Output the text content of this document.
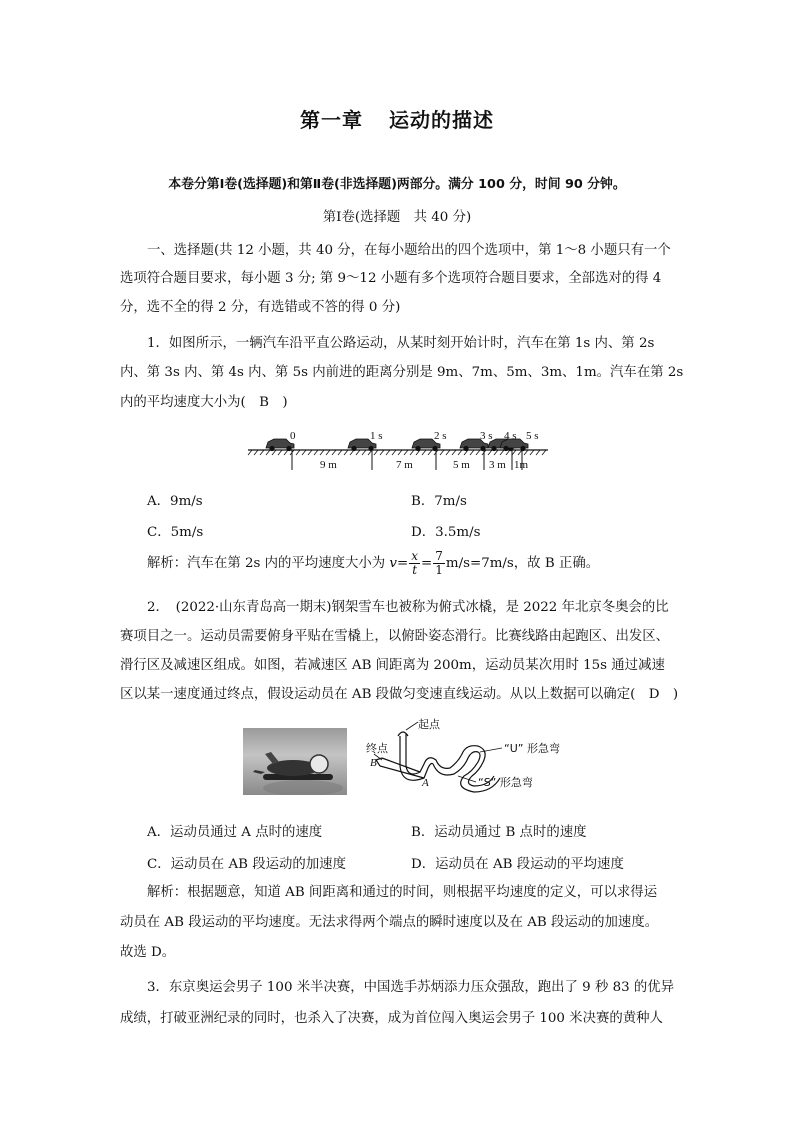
第一章 运动的描述
本卷分第Ⅰ卷(选择题)和第Ⅱ卷(非选择题)两部分。满分 100 分，时间 90 分钟。
第Ⅰ卷(选择题　共 40 分)
一、选择题(共 12 小题，共 40 分，在每小题给出的四个选项中，第 1～8 小题只有一个
选项符合题目要求，每小题 3 分; 第 9～12 小题有多个选项符合题目要求，全部选对的得 4
分，选不全的得 2 分，有选错或不答的得 0 分)
1．如图所示，一辆汽车沿平直公路运动，从某时刻开始计时，汽车在第 1s 内、第 2s
内、第 3s 内、第 4s 内、第 5s 内前进的距离分别是 9m、7m、5m、3m、1m。汽车在第 2s
内的平均速度大小为(　B　)
0	1 s	2 s	3 s 4 s 5 s
9 m	7 m	5 m 3 m 1m
A．9m/s	B．7m/s
C．5m/s	D．3.5m/s
解析：汽车在第 2s 内的平均速度大小为 $v= \frac{x}{t} = \frac{7}{1} m/s=7m/s$，故 B 正确。
2．　(2022·山东青岛高一期末)钢架雪车也被称为俯式冰橇，是 2022 年北京冬奥会的比
赛项目之一。运动员需要俯身平贴在雪橇上，以俯卧姿态滑行。比赛线路由起跑区、出发区、
滑行区及减速区组成。如图，若减速区 AB 间距离为 200m，运动员某次用时 15s 通过减速
区以某一速度通过终点，假设运动员在 AB 段做匀变速直线运动。从以上数据可以确定(　D　)
起点
终点	“U” 形急弯
“S” 形急弯
B
A
A．运动员通过 A 点时的速度	B．运动员通过 B 点时的速度
C．运动员在 AB 段运动的加速度	D．运动员在 AB 段运动的平均速度
解析：根据题意，知道 AB 间距离和通过的时间，则根据平均速度的定义，可以求得运
动员在 AB 段运动的平均速度。无法求得两个端点的瞬时速度以及在 AB 段运动的加速度。
故选 D。
3．东京奥运会男子 100 米半决赛，中国选手苏炳添力压众强敌，跑出了 9 秒 83 的优异
成绩，打破亚洲纪录的同时，也杀入了决赛，成为首位闯入奥运会男子 100 米决赛的黄种人
